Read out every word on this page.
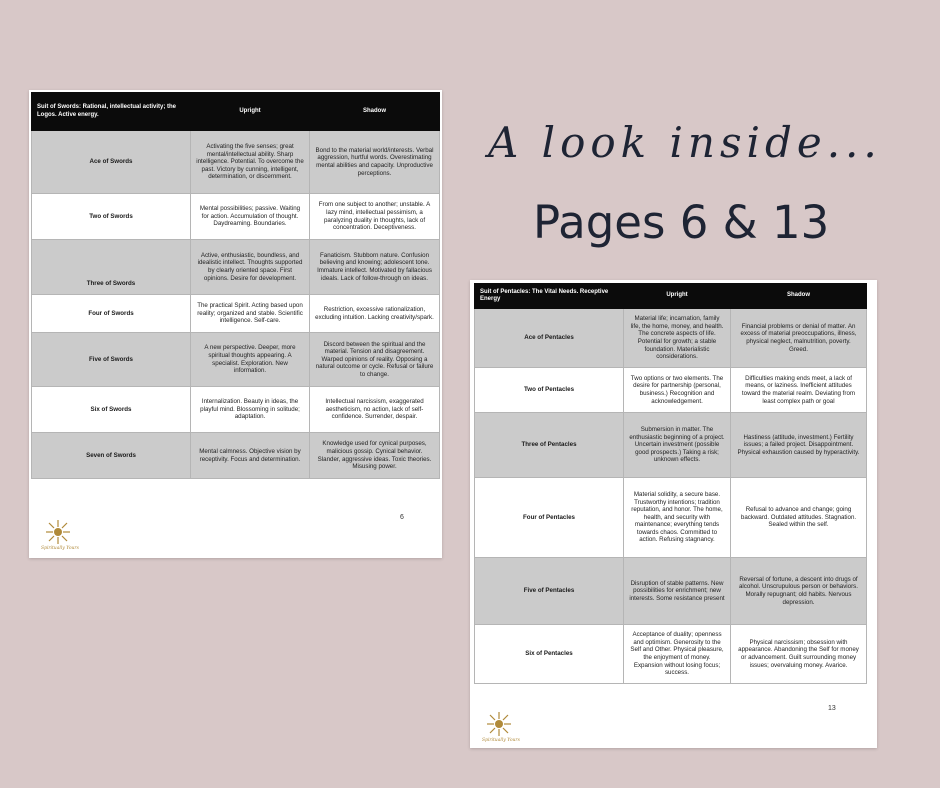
Suit of Swords: Rational, intellectual activity; the Logos. Active energy.	Upright	Shadow
Ace of Swords	Activating the five senses; great mental/intellectual ability. Sharp intelligence. Potential. To overcome the past. Victory by cunning, intelligent, determination, or discernment.	Bond to the material world/interests. Verbal aggression, hurtful words. Overestimating mental abilities and capacity. Unproductive perceptions.
Two of Swords	Mental possibilities; passive. Waiting for action. Accumulation of thought. Daydreaming. Boundaries.	From one subject to another; unstable. A lazy mind, intellectual pessimism, a paralyzing duality in thoughts, lack of concentration. Deceptiveness.
Three of Swords	Active, enthusiastic, boundless, and idealistic intellect. Thoughts supported by clearly oriented space. First opinions. Desire for development.	Fanaticism. Stubborn nature. Confusion believing and knowing; adolescent tone. Immature intellect. Motivated by fallacious ideals. Lack of follow-through on ideas.
Four of Swords	The practical Spirit. Acting based upon reality; organized and stable. Scientific intelligence. Self-care.	Restriction, excessive rationalization, excluding intuition. Lacking creativity/spark.
Five of Swords	A new perspective. Deeper, more spiritual thoughts appearing. A specialist. Exploration. New information.	Discord between the spiritual and the material. Tension and disagreement. Warped opinions of reality. Opposing a natural outcome or cycle. Refusal or failure to change.
Six of Swords	Internalization. Beauty in ideas, the playful mind. Blossoming in solitude; adaptation.	Intellectual narcissism, exaggerated aestheticism, no action, lack of self-confidence. Surrender, despair.
Seven of Swords	Mental calmness. Objective vision by receptivity. Focus and determination.	Knowledge used for cynical purposes, malicious gossip. Cynical behavior. Slander, aggressive ideas. Toxic theories. Misusing power.
6
Spiritually Yours
Suit of Pentacles: The Vital Needs. Receptive Energy	Upright	Shadow
Ace of Pentacles	Material life; incarnation, family life, the home, money, and health. The concrete aspects of life. Potential for growth; a stable foundation. Materialistic considerations.	Financial problems or denial of matter. An excess of material preoccupations, illness, physical neglect, malnutrition, poverty. Greed.
Two of Pentacles	Two options or two elements. The desire for partnership (personal, business.) Recognition and acknowledgement.	Difficulties making ends meet, a lack of means, or laziness. Inefficient attitudes toward the material realm. Deviating from least complex path or goal
Three of Pentacles	Submersion in matter. The enthusiastic beginning of a project. Uncertain investment (possible good prospects.) Taking a risk; unknown effects.	Hastiness (attitude, investment.) Fertility issues; a failed project. Disappointment. Physical exhaustion caused by hyperactivity.
Four of Pentacles	Material solidity, a secure base. Trustworthy intentions; tradition reputation, and honor. The home, health, and security with maintenance; everything tends towards chaos. Committed to action. Refusing stagnancy.	Refusal to advance and change; going backward. Outdated attitudes. Stagnation. Sealed within the self.
Five of Pentacles	Disruption of stable patterns. New possibilities for enrichment; new interests. Some resistance present	Reversal of fortune, a descent into drugs of alcohol. Unscrupulous person or behaviors. Morally repugnant; old habits. Nervous depression.
Six of Pentacles	Acceptance of duality; openness and optimism. Generosity to the Self and Other. Physical pleasure, the enjoyment of money. Expansion without losing focus; success.	Physical narcissism; obsession with appearance. Abandoning the Self for money or advancement. Guilt surrounding money issues; overvaluing money. Avarice.
13
Spiritually Yours
A look inside...
Pages 6 & 13
